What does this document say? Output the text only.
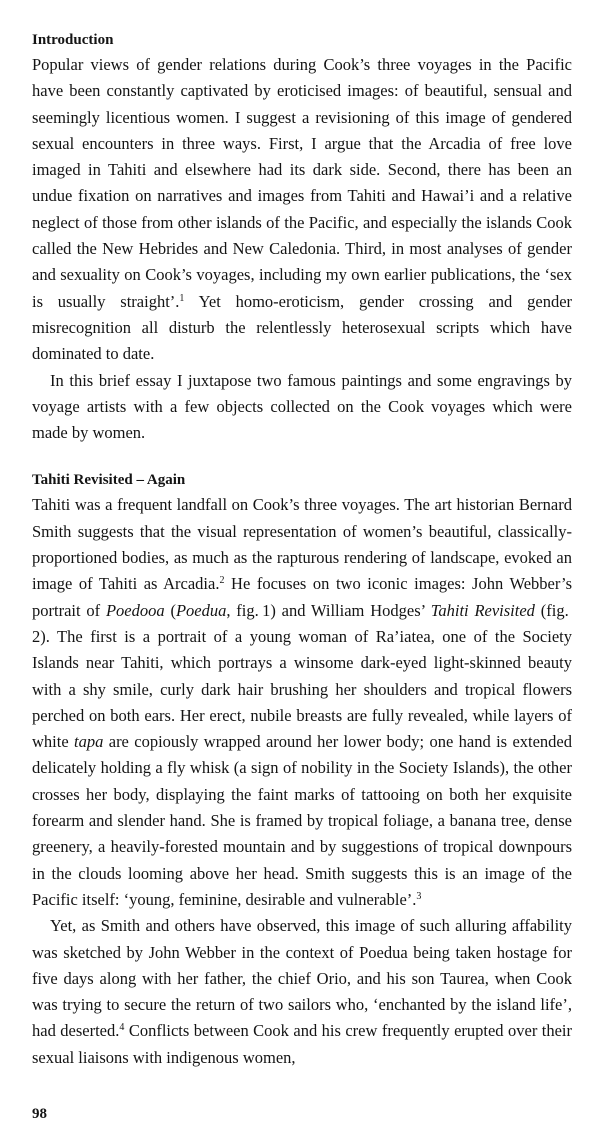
Introduction

Popular views of gender relations during Cook’s three voyages in the Pacific have been constantly captivated by eroticised images: of beautiful, sensual and seemingly licentious women. I suggest a revisioning of this image of gendered sexual encounters in three ways. First, I argue that the Arcadia of free love imaged in Tahiti and elsewhere had its dark side. Second, there has been an undue fixation on narratives and images from Tahiti and Hawai’i and a relative neglect of those from other islands of the Pacific, and especially the islands Cook called the New Hebrides and New Caledonia. Third, in most analyses of gender and sexuality on Cook’s voyages, including my own earlier publications, the ‘sex is usually straight’.$^1$ Yet homo-eroticism, gender crossing and gender misrecognition all disturb the relentlessly heterosexual scripts which have dominated to date.

In this brief essay I juxtapose two famous paintings and some engravings by voyage artists with a few objects collected on the Cook voyages which were made by women.

Tahiti Revisited – Again

Tahiti was a frequent landfall on Cook’s three voyages. The art historian Bernard Smith suggests that the visual representation of women’s beautiful, classically-proportioned bodies, as much as the rapturous rendering of landscape, evoked an image of Tahiti as Arcadia.$^2$ He focuses on two iconic images: John Webber’s portrait of Poedooa (Poedua, fig. 1) and William Hodges’ Tahiti Revisited (fig. 2). The first is a portrait of a young woman of Ra’iatea, one of the Society Islands near Tahiti, which portrays a winsome dark-eyed light-skinned beauty with a shy smile, curly dark hair brushing her shoulders and tropical flowers perched on both ears. Her erect, nubile breasts are fully revealed, while layers of white tapa are copiously wrapped around her lower body; one hand is extended delicately holding a fly whisk (a sign of nobility in the Society Islands), the other crosses her body, displaying the faint marks of tattooing on both her exquisite forearm and slender hand. She is framed by tropical foliage, a banana tree, dense greenery, a heavily-forested mountain and by suggestions of tropical downpours in the clouds looming above her head. Smith suggests this is an image of the Pacific itself: ‘young, feminine, desirable and vulnerable’.$^3$

Yet, as Smith and others have observed, this image of such alluring affability was sketched by John Webber in the context of Poedua being taken hostage for five days along with her father, the chief Orio, and his son Taurea, when Cook was trying to secure the return of two sailors who, ‘enchanted by the island life’, had deserted.$^4$ Conflicts between Cook and his crew frequently erupted over their sexual liaisons with indigenous women,

98
